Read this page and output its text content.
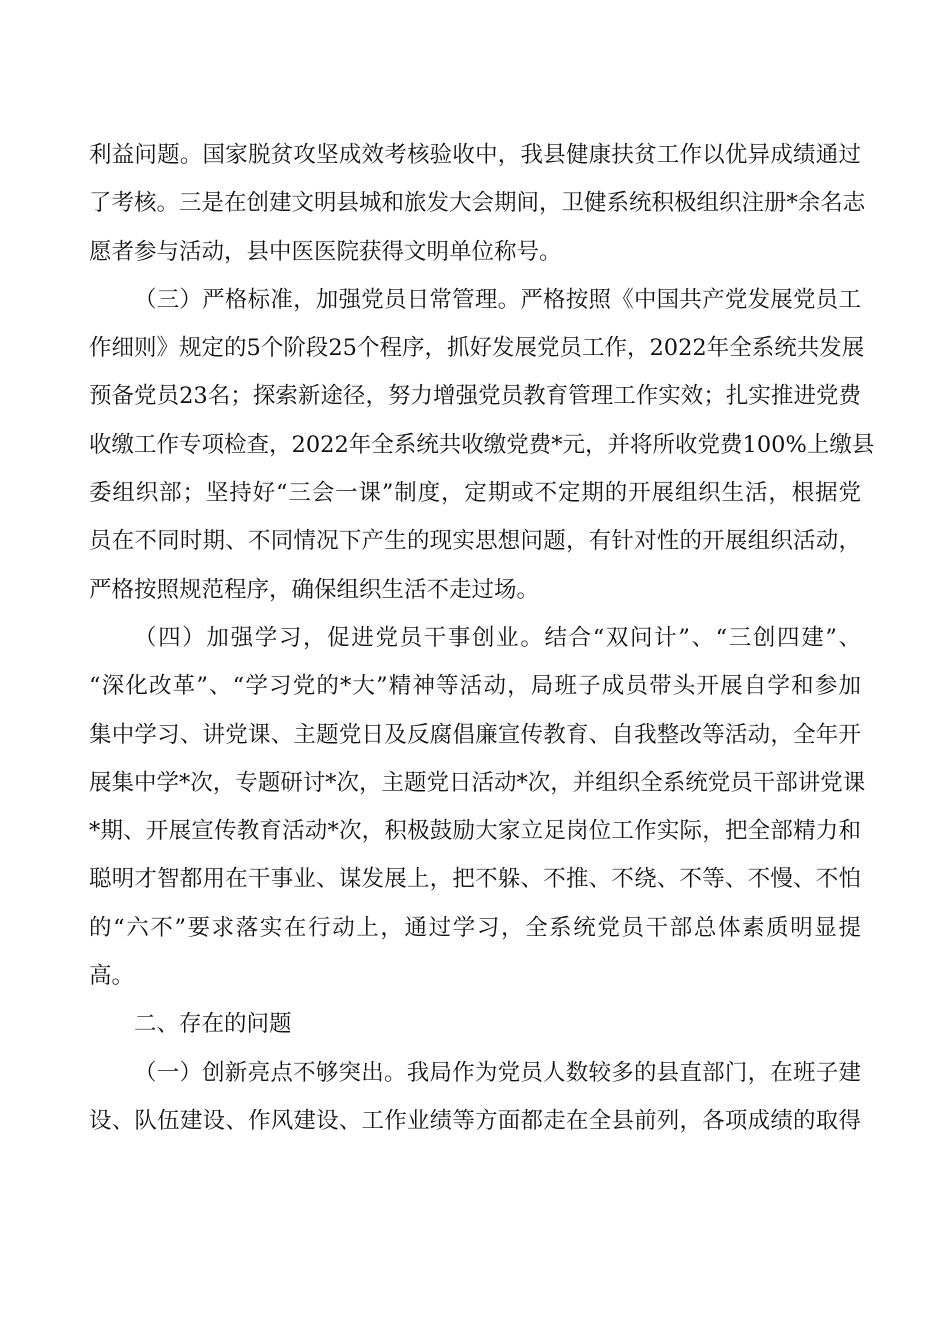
利益问题。国家脱贫攻坚成效考核验收中，我县健康扶贫工作以优异成绩通过
了考核。三是在创建文明县城和旅发大会期间，卫健系统积极组织注册*余名志
愿者参与活动，县中医医院获得文明单位称号。
（三）严格标准，加强党员日常管理。严格按照《中国共产党发展党员工
作细则》规定的5个阶段25个程序，抓好发展党员工作，2022年全系统共发展
预备党员23名；探索新途径，努力增强党员教育管理工作实效；扎实推进党费
收缴工作专项检查，2022年全系统共收缴党费*元，并将所收党费100%上缴县
委组织部；坚持好“三会一课”制度，定期或不定期的开展组织生活，根据党
员在不同时期、不同情况下产生的现实思想问题，有针对性的开展组织活动，
严格按照规范程序，确保组织生活不走过场。
（四）加强学习，促进党员干事创业。结合“双问计”、“三创四建”、
“深化改革”、“学习党的*大”精神等活动，局班子成员带头开展自学和参加
集中学习、讲党课、主题党日及反腐倡廉宣传教育、自我整改等活动，全年开
展集中学*次，专题研讨*次，主题党日活动*次，并组织全系统党员干部讲党课
*期、开展宣传教育活动*次，积极鼓励大家立足岗位工作实际，把全部精力和
聪明才智都用在干事业、谋发展上，把不躲、不推、不绕、不等、不慢、不怕
的“六不”要求落实在行动上，通过学习，全系统党员干部总体素质明显提
高。
二、存在的问题
（一）创新亮点不够突出。我局作为党员人数较多的县直部门，在班子建
设、队伍建设、作风建设、工作业绩等方面都走在全县前列，各项成绩的取得
